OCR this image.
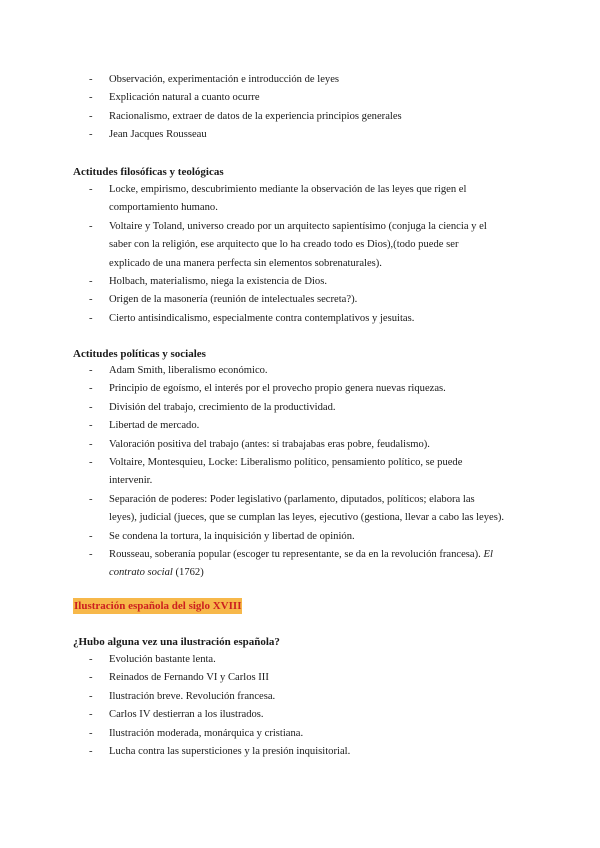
- Observación, experimentación e introducción de leyes
- Explicación natural a cuanto ocurre
- Racionalismo, extraer de datos de la experiencia principios generales
- Jean Jacques Rousseau
Actitudes filosóficas y teológicas
- Locke, empirismo, descubrimiento mediante la observación de las leyes que rigen el
comportamiento humano.
- Voltaire y Toland, universo creado por un arquitecto sapientísimo (conjuga la ciencia y el
saber con la religión, ese arquitecto que lo ha creado todo es Dios),(todo puede ser
explicado de una manera perfecta sin elementos sobrenaturales).
- Holbach, materialismo, niega la existencia de Dios.
- Origen de la masonería (reunión de intelectuales secreta?).
- Cierto antisindicalismo, especialmente contra contemplativos y jesuitas.
Actitudes políticas y sociales
- Adam Smith, liberalismo económico.
- Principio de egoísmo, el interés por el provecho propio genera nuevas riquezas.
- División del trabajo, crecimiento de la productividad.
- Libertad de mercado.
- Valoración positiva del trabajo (antes: si trabajabas eras pobre, feudalismo).
- Voltaire, Montesquieu, Locke: Liberalismo político, pensamiento político, se puede
intervenir.
- Separación de poderes: Poder legislativo (parlamento, diputados, políticos; elabora las
leyes), judicial (jueces, que se cumplan las leyes, ejecutivo (gestiona, llevar a cabo las leyes).
- Se condena la tortura, la inquisición y libertad de opinión.
- Rousseau, soberanía popular (escoger tu representante, se da en la revolución francesa). El
contrato social (1762)
Ilustración española del siglo XVIII
¿Hubo alguna vez una ilustración española?
- Evolución bastante lenta.
- Reinados de Fernando VI y Carlos III
- Ilustración breve. Revolución francesa.
- Carlos IV destierran a los ilustrados.
- Ilustración moderada, monárquica y cristiana.
- Lucha contra las supersticiones y la presión inquisitorial.
